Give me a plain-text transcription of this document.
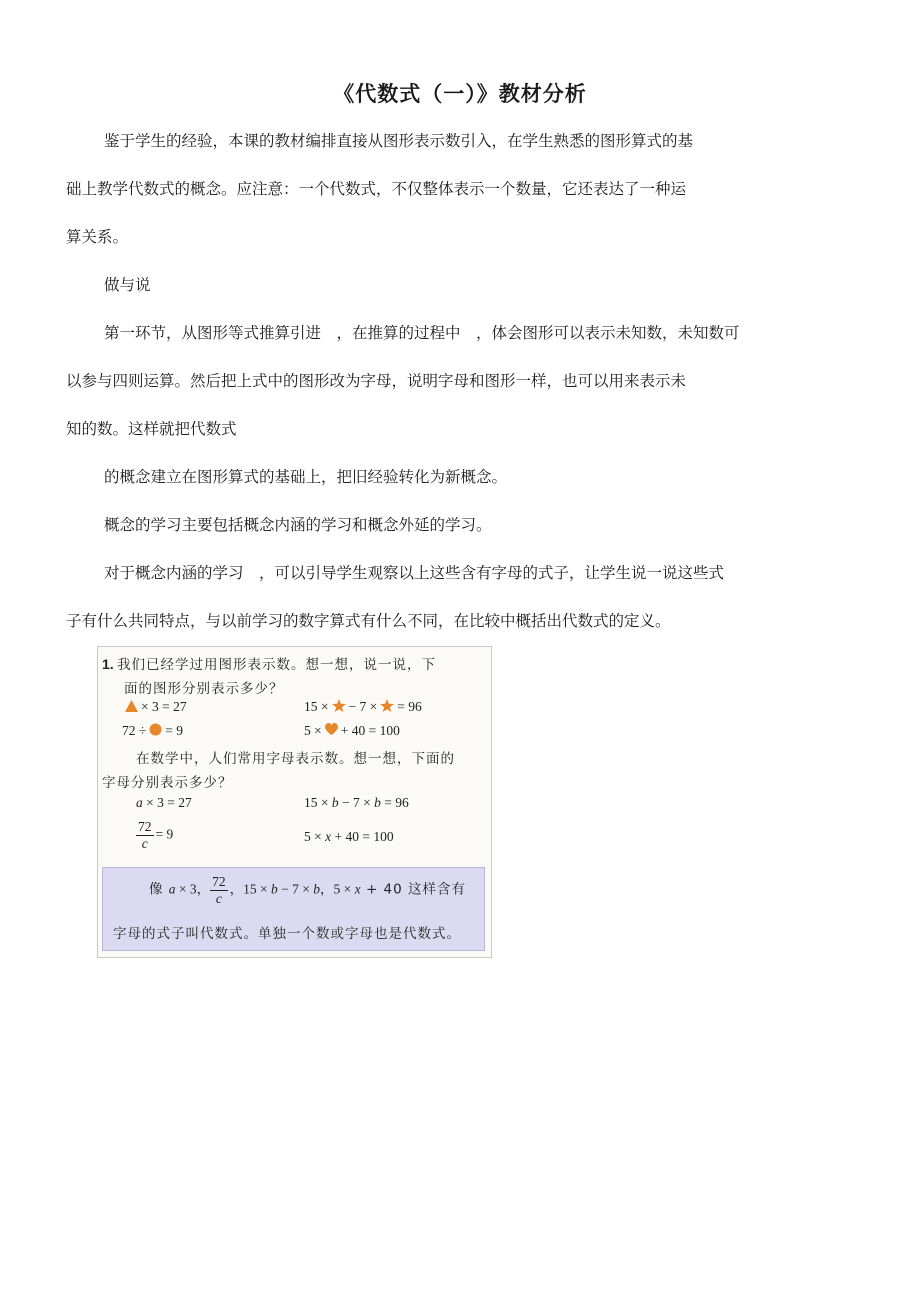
《代数式（一）》教材分析
鉴于学生的经验，本课的教材编排直接从图形表示数引入，在学生熟悉的图形算式的基
础上教学代数式的概念。应注意：一个代数式，不仅整体表示一个数量，它还表达了一种运
算关系。
做与说
第一环节，从图形等式推算引进　，在推算的过程中　，体会图形可以表示未知数，未知数可
以参与四则运算。然后把上式中的图形改为字母，说明字母和图形一样，也可以用来表示未
知的数。这样就把代数式
的概念建立在图形算式的基础上，把旧经验转化为新概念。
概念的学习主要包括概念内涵的学习和概念外延的学习。
对于概念内涵的学习　，可以引导学生观察以上这些含有字母的式子，让学生说一说这些式
子有什么共同特点，与以前学习的数字算式有什么不同，在比较中概括出代数式的定义。
1. 我们已经学过用图形表示数。想一想，说一说，下
面的图形分别表示多少？
× 3 = 27	15 × − 7 × = 96
72 ÷ = 9	5 × + 40 = 100
在数学中，人们常用字母表示数。想一想，下面的
字母分别表示多少？
a × 3 = 27	15 × b − 7 × b = 96
$\frac{72}{c} = 9$	5 × x + 40 = 100
像 a × 3， $\frac{72}{c}$ ，15 × b − 7 × b，5 × x + 40 这样含有
字母的式子叫代数式。单独一个数或字母也是代数式。
